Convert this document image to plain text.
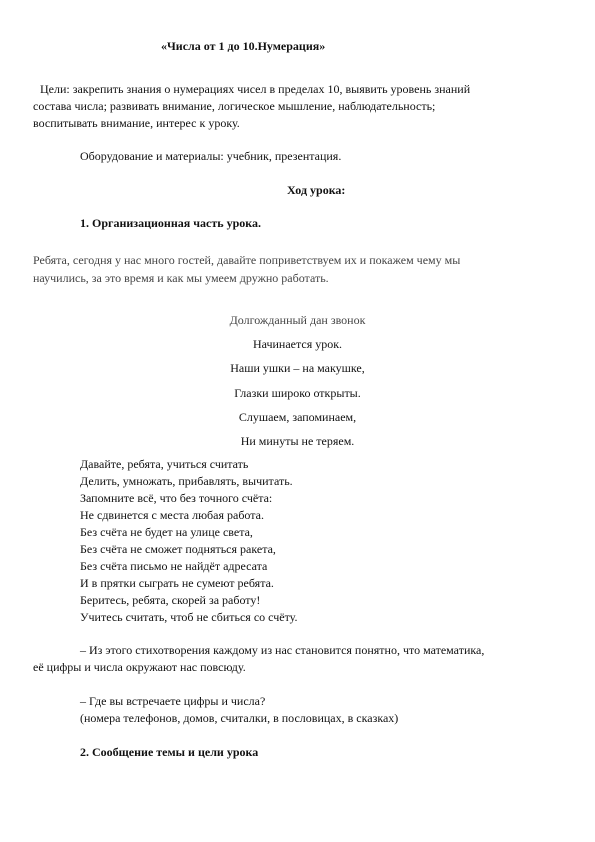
«Числа от 1 до 10.Нумерация»
Цели: закрепить знания о нумерациях чисел в пределах 10, выявить уровень знаний
состава числа; развивать внимание, логическое мышление, наблюдательность;
воспитывать внимание, интерес к уроку.
Оборудование и материалы: учебник, презентация.
Ход урока:
1. Организационная часть урока.
Ребята, сегодня у нас много гостей, давайте поприветствуем их и покажем чему мы
научились, за это время и как мы умеем дружно работать.
Долгожданный дан звонок
Начинается урок.
Наши ушки – на макушке,
Глазки широко открыты.
Слушаем, запоминаем,
Ни минуты не теряем.
Давайте, ребята, учиться считать
Делить, умножать, прибавлять, вычитать.
Запомните всё, что без точного счёта:
Не сдвинется с места любая работа.
Без счёта не будет на улице света,
Без счёта не сможет подняться ракета,
Без счёта письмо не найдёт адресата
И в прятки сыграть не сумеют ребята.
Беритесь, ребята, скорей за работу!
Учитесь считать, чтоб не сбиться со счёту.
– Из этого стихотворения каждому из нас становится понятно, что математика,
её цифры и числа окружают нас повсюду.
– Где вы встречаете цифры и числа?
(номера телефонов, домов, считалки, в пословицах, в сказках)
2. Сообщение темы и цели урока
